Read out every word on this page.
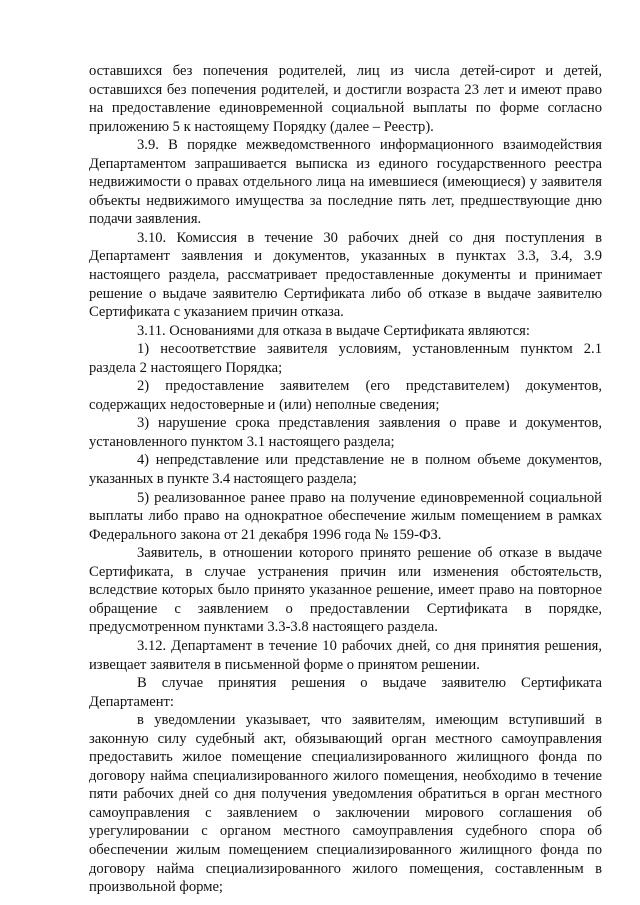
оставшихся без попечения родителей, лиц из числа детей-сирот и детей, оставшихся без попечения родителей, и достигли возраста 23 лет и имеют право на предоставление единовременной социальной выплаты по форме согласно приложению 5 к настоящему Порядку (далее – Реестр).

3.9. В порядке межведомственного информационного взаимодействия Департаментом запрашивается выписка из единого государственного реестра недвижимости о правах отдельного лица на имевшиеся (имеющиеся) у заявителя объекты недвижимого имущества за последние пять лет, предшествующие дню подачи заявления.

3.10. Комиссия в течение 30 рабочих дней со дня поступления в Департамент заявления и документов, указанных в пунктах 3.3, 3.4, 3.9 настоящего раздела, рассматривает предоставленные документы и принимает решение о выдаче заявителю Сертификата либо об отказе в выдаче заявителю Сертификата с указанием причин отказа.

3.11. Основаниями для отказа в выдаче Сертификата являются:

1) несоответствие заявителя условиям, установленным пунктом 2.1 раздела 2 настоящего Порядка;

2) предоставление заявителем (его представителем) документов, содержащих недостоверные и (или) неполные сведения;

3) нарушение срока представления заявления о праве и документов, установленного пунктом 3.1 настоящего раздела;

4) непредставление или представление не в полном объеме документов, указанных в пункте 3.4 настоящего раздела;

5) реализованное ранее право на получение единовременной социальной выплаты либо право на однократное обеспечение жилым помещением в рамках Федерального закона от 21 декабря 1996 года № 159-ФЗ.

Заявитель, в отношении которого принято решение об отказе в выдаче Сертификата, в случае устранения причин или изменения обстоятельств, вследствие которых было принято указанное решение, имеет право на повторное обращение с заявлением о предоставлении Сертификата в порядке, предусмотренном пунктами 3.3-3.8 настоящего раздела.

3.12. Департамент в течение 10 рабочих дней, со дня принятия решения, извещает заявителя в письменной форме о принятом решении.

В случае принятия решения о выдаче заявителю Сертификата Департамент:

в уведомлении указывает, что заявителям, имеющим вступивший в законную силу судебный акт, обязывающий орган местного самоуправления предоставить жилое помещение специализированного жилищного фонда по договору найма специализированного жилого помещения, необходимо в течение пяти рабочих дней со дня получения уведомления обратиться в орган местного самоуправления с заявлением о заключении мирового соглашения об урегулировании с органом местного самоуправления судебного спора об обеспечении жилым помещением специализированного жилищного фонда по договору найма специализированного жилого помещения, составленным в произвольной форме;
